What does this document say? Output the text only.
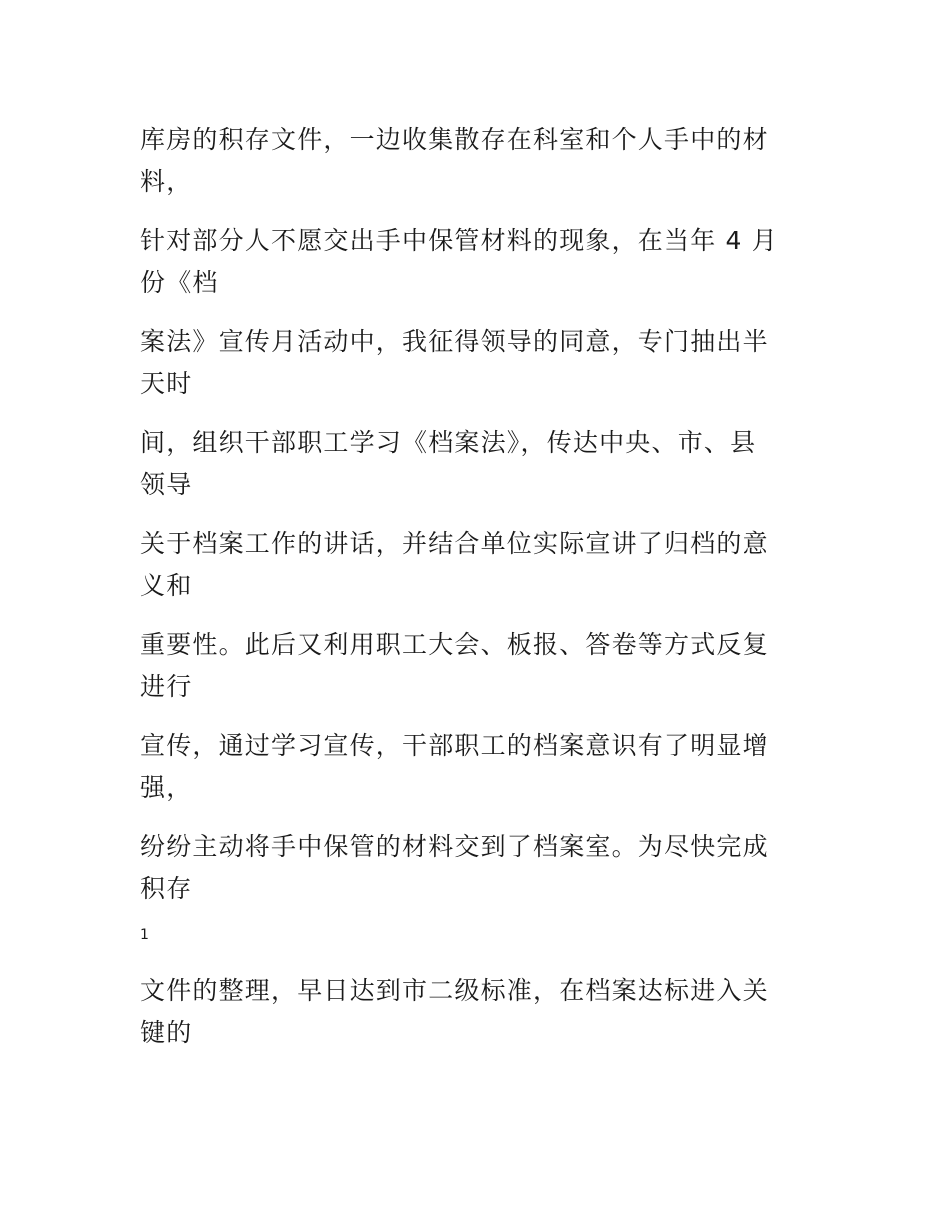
库房的积存文件，一边收集散存在科室和个人手中的材
料，

针对部分人不愿交出手中保管材料的现象，在当年 4 月
份《档

案法》宣传月活动中，我征得领导的同意，专门抽出半
天时

间，组织干部职工学习《档案法》，传达中央、市、县
领导

关于档案工作的讲话，并结合单位实际宣讲了归档的意
义和

重要性。此后又利用职工大会、板报、答卷等方式反复
进行

宣传，通过学习宣传，干部职工的档案意识有了明显增
强，

纷纷主动将手中保管的材料交到了档案室。为尽快完成
积存

1

文件的整理，早日达到市二级标准，在档案达标进入关
键的
